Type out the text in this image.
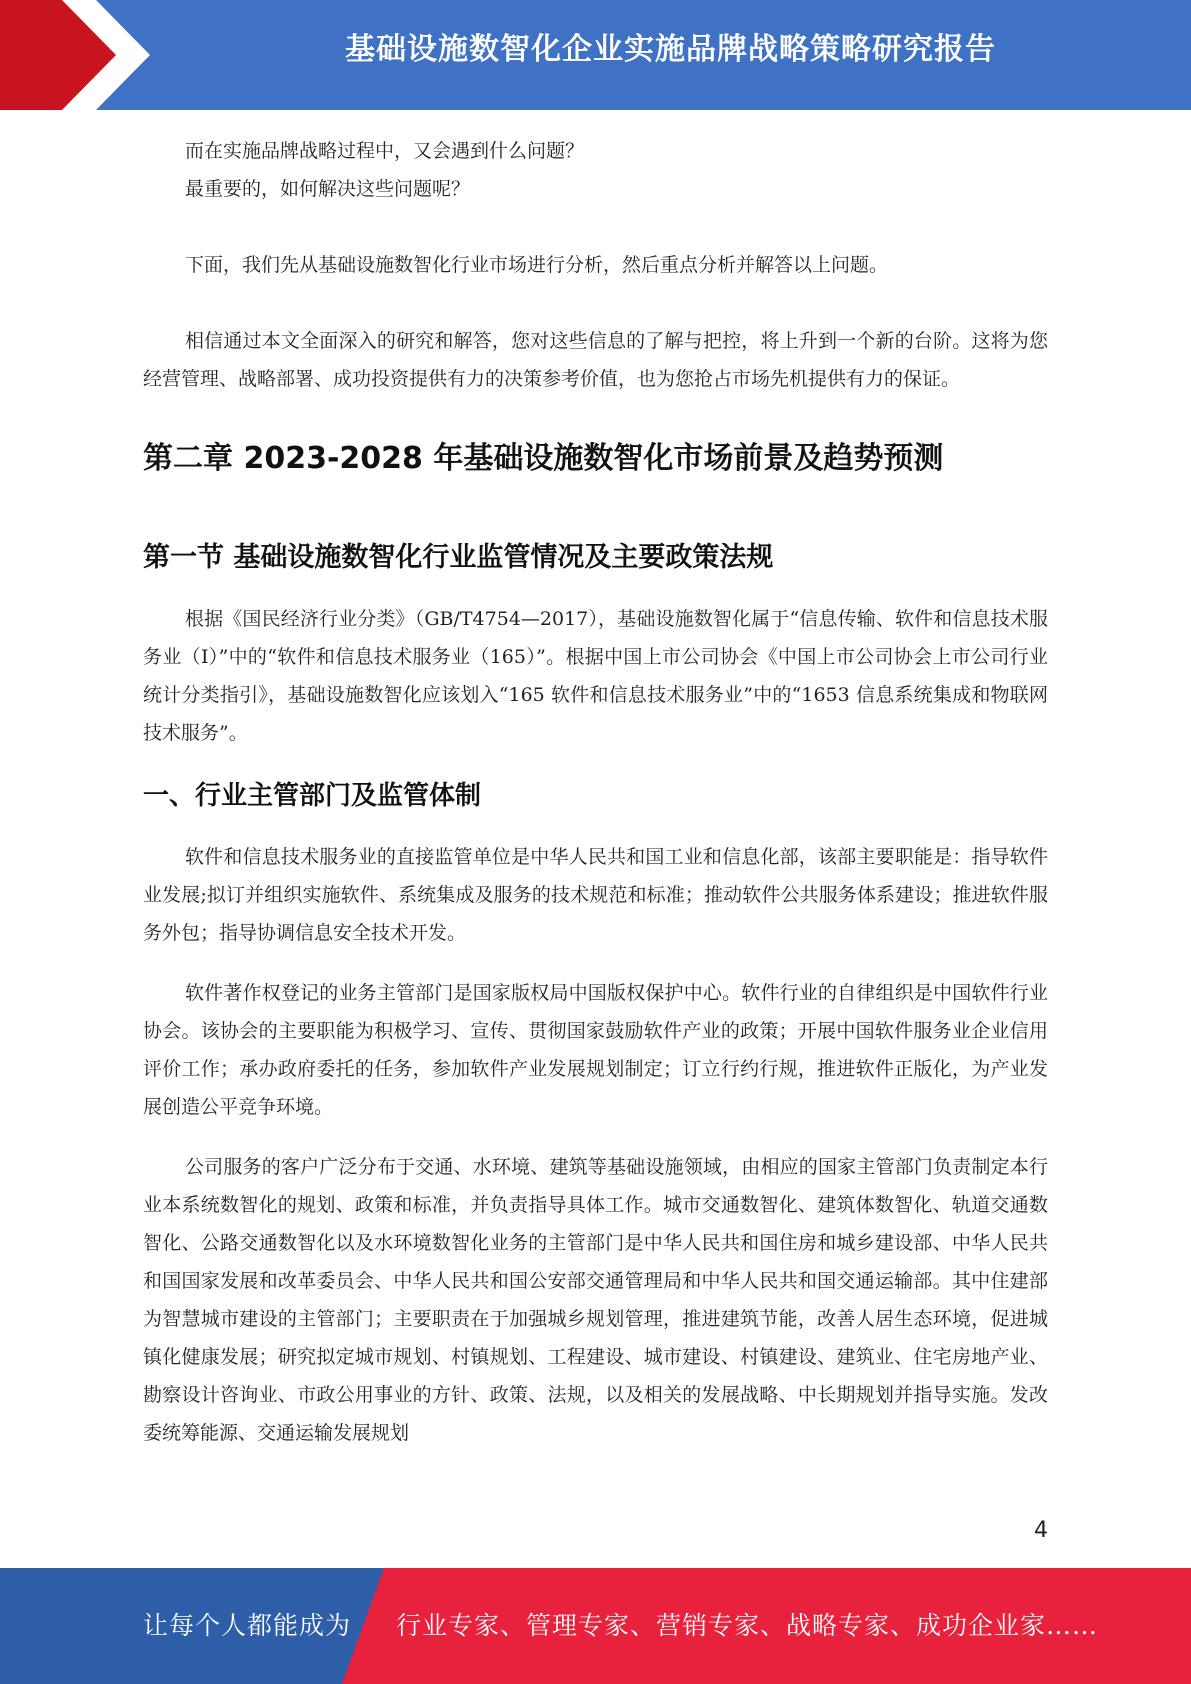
基础设施数智化企业实施品牌战略策略研究报告

而在实施品牌战略过程中，又会遇到什么问题？

最重要的，如何解决这些问题呢？

下面，我们先从基础设施数智化行业市场进行分析，然后重点分析并解答以上问题。

相信通过本文全面深入的研究和解答，您对这些信息的了解与把控，将上升到一个新的台阶。这将为您经营管理、战略部署、成功投资提供有力的决策参考价值，也为您抢占市场先机提供有力的保证。

第二章 2023-2028 年基础设施数智化市场前景及趋势预测
第一节 基础设施数智化行业监管情况及主要政策法规

根据《国民经济行业分类》（GB/T4754—2017），基础设施数智化属于“信息传输、软件和信息技术服务业（I）”中的“软件和信息技术服务业（165）”。根据中国上市公司协会《中国上市公司协会上市公司行业统计分类指引》，基础设施数智化应该划入“165 软件和信息技术服务业”中的“1653 信息系统集成和物联网技术服务”。

一、行业主管部门及监管体制

软件和信息技术服务业的直接监管单位是中华人民共和国工业和信息化部，该部主要职能是：指导软件业发展;拟订并组织实施软件、系统集成及服务的技术规范和标准；推动软件公共服务体系建设；推进软件服务外包；指导协调信息安全技术开发。

软件著作权登记的业务主管部门是国家版权局中国版权保护中心。软件行业的自律组织是中国软件行业协会。该协会的主要职能为积极学习、宣传、贯彻国家鼓励软件产业的政策；开展中国软件服务业企业信用评价工作；承办政府委托的任务，参加软件产业发展规划制定；订立行约行规，推进软件正版化，为产业发展创造公平竞争环境。

公司服务的客户广泛分布于交通、水环境、建筑等基础设施领域，由相应的国家主管部门负责制定本行业本系统数智化的规划、政策和标准，并负责指导具体工作。城市交通数智化、建筑体数智化、轨道交通数智化、公路交通数智化以及水环境数智化业务的主管部门是中华人民共和国住房和城乡建设部、中华人民共和国国家发展和改革委员会、中华人民共和国公安部交通管理局和中华人民共和国交通运输部。其中住建部为智慧城市建设的主管部门；主要职责在于加强城乡规划管理，推进建筑节能，改善人居生态环境，促进城镇化健康发展；研究拟定城市规划、村镇规划、工程建设、城市建设、村镇建设、建筑业、住宅房地产业、勘察设计咨询业、市政公用事业的方针、政策、法规，以及相关的发展战略、中长期规划并指导实施。发改委统筹能源、交通运输发展规划

4
让每个人都能成为 行业专家、管理专家、营销专家、战略专家、成功企业家……
